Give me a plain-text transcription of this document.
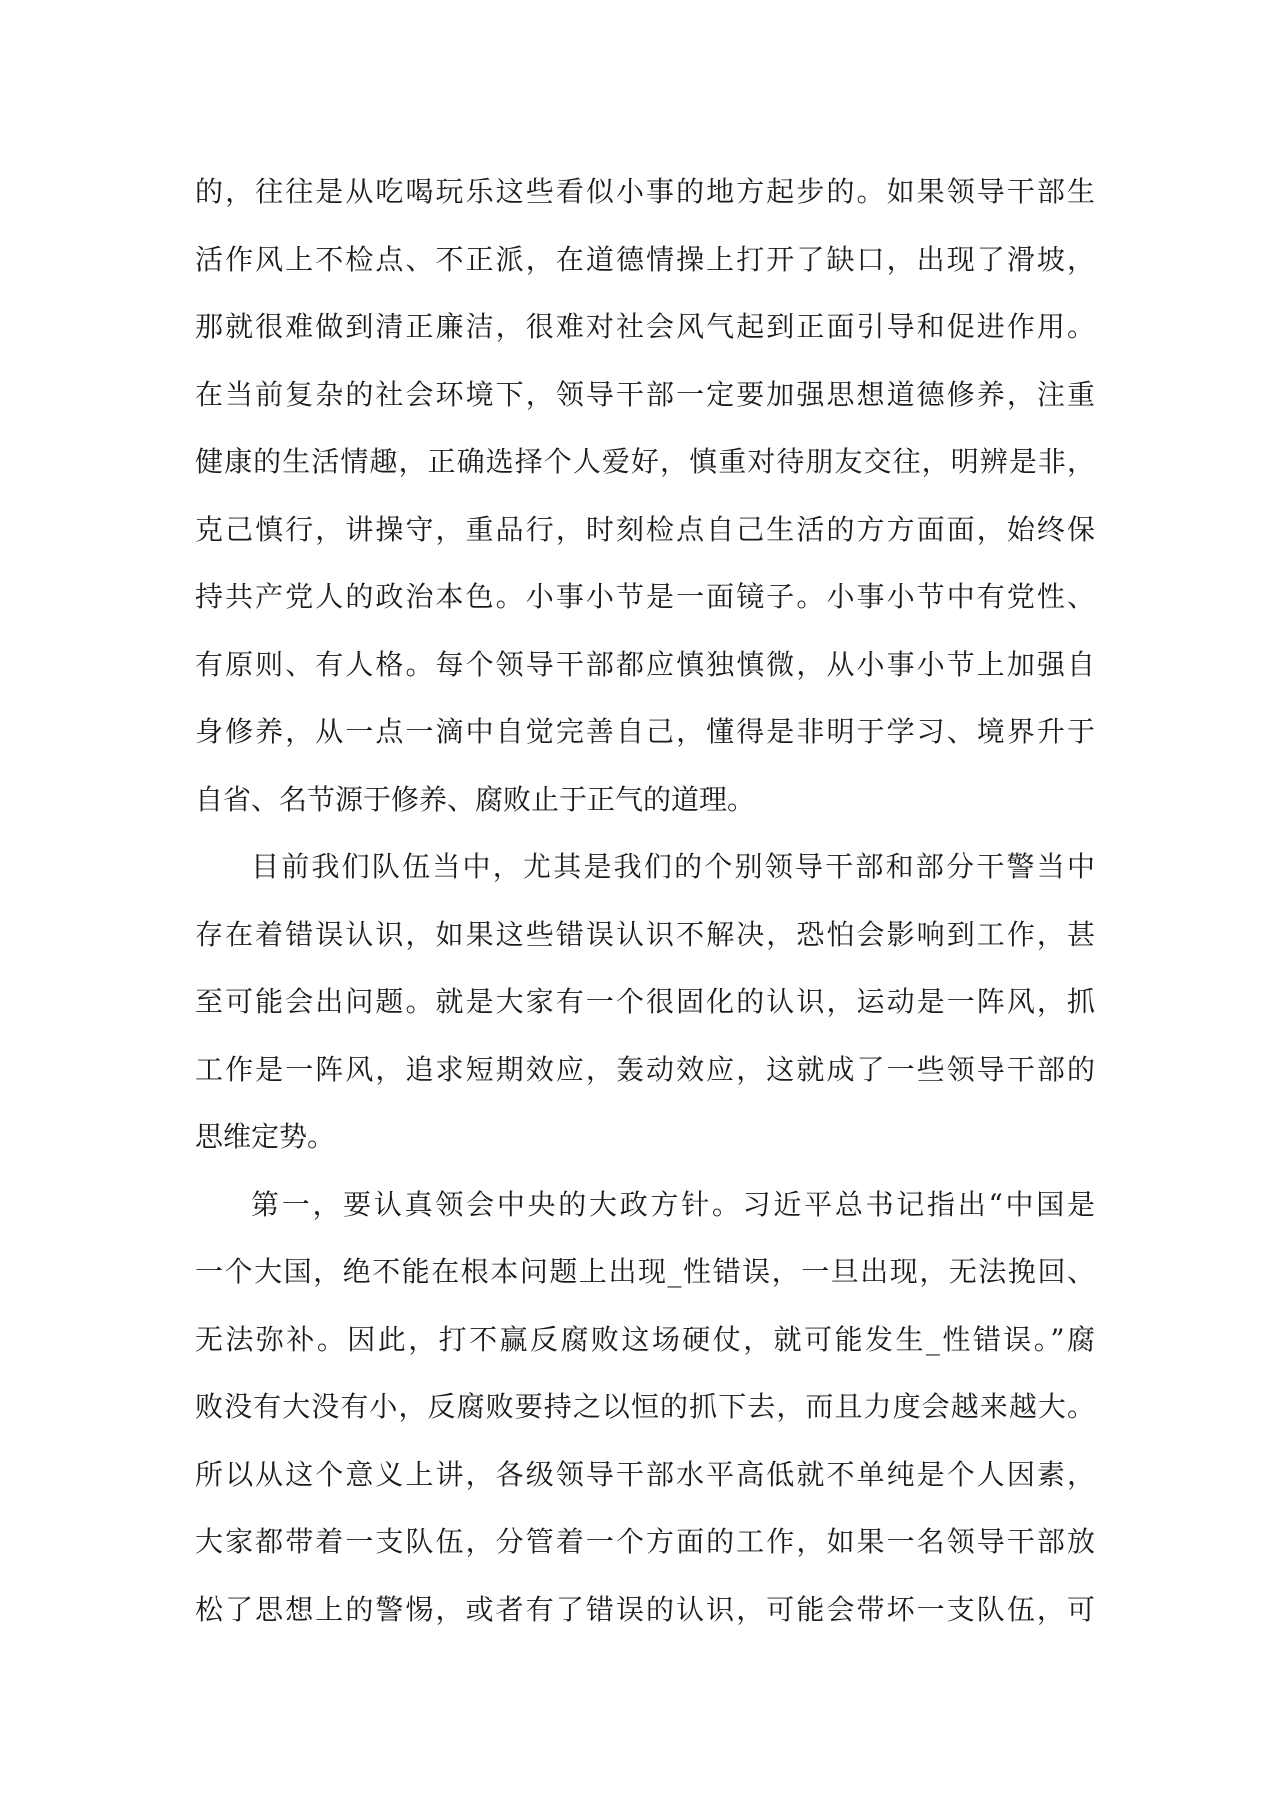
的，往往是从吃喝玩乐这些看似小事的地方起步的。如果领导干部生
活作风上不检点、不正派，在道德情操上打开了缺口，出现了滑坡，
那就很难做到清正廉洁，很难对社会风气起到正面引导和促进作用。
在当前复杂的社会环境下，领导干部一定要加强思想道德修养，注重
健康的生活情趣，正确选择个人爱好，慎重对待朋友交往，明辨是非，
克己慎行，讲操守，重品行，时刻检点自己生活的方方面面，始终保
持共产党人的政治本色。小事小节是一面镜子。小事小节中有党性、
有原则、有人格。每个领导干部都应慎独慎微，从小事小节上加强自
身修养，从一点一滴中自觉完善自己，懂得是非明于学习、境界升于
自省、名节源于修养、腐败止于正气的道理。
目前我们队伍当中，尤其是我们的个别领导干部和部分干警当中
存在着错误认识，如果这些错误认识不解决，恐怕会影响到工作，甚
至可能会出问题。就是大家有一个很固化的认识，运动是一阵风，抓
工作是一阵风，追求短期效应，轰动效应，这就成了一些领导干部的
思维定势。
第一，要认真领会中央的大政方针。习近平总书记指出“中国是
一个大国，绝不能在根本问题上出现_性错误，一旦出现，无法挽回、
无法弥补。因此，打不赢反腐败这场硬仗，就可能发生_性错误。”腐
败没有大没有小，反腐败要持之以恒的抓下去，而且力度会越来越大。
所以从这个意义上讲，各级领导干部水平高低就不单纯是个人因素，
大家都带着一支队伍，分管着一个方面的工作，如果一名领导干部放
松了思想上的警惕，或者有了错误的认识，可能会带坏一支队伍，可
